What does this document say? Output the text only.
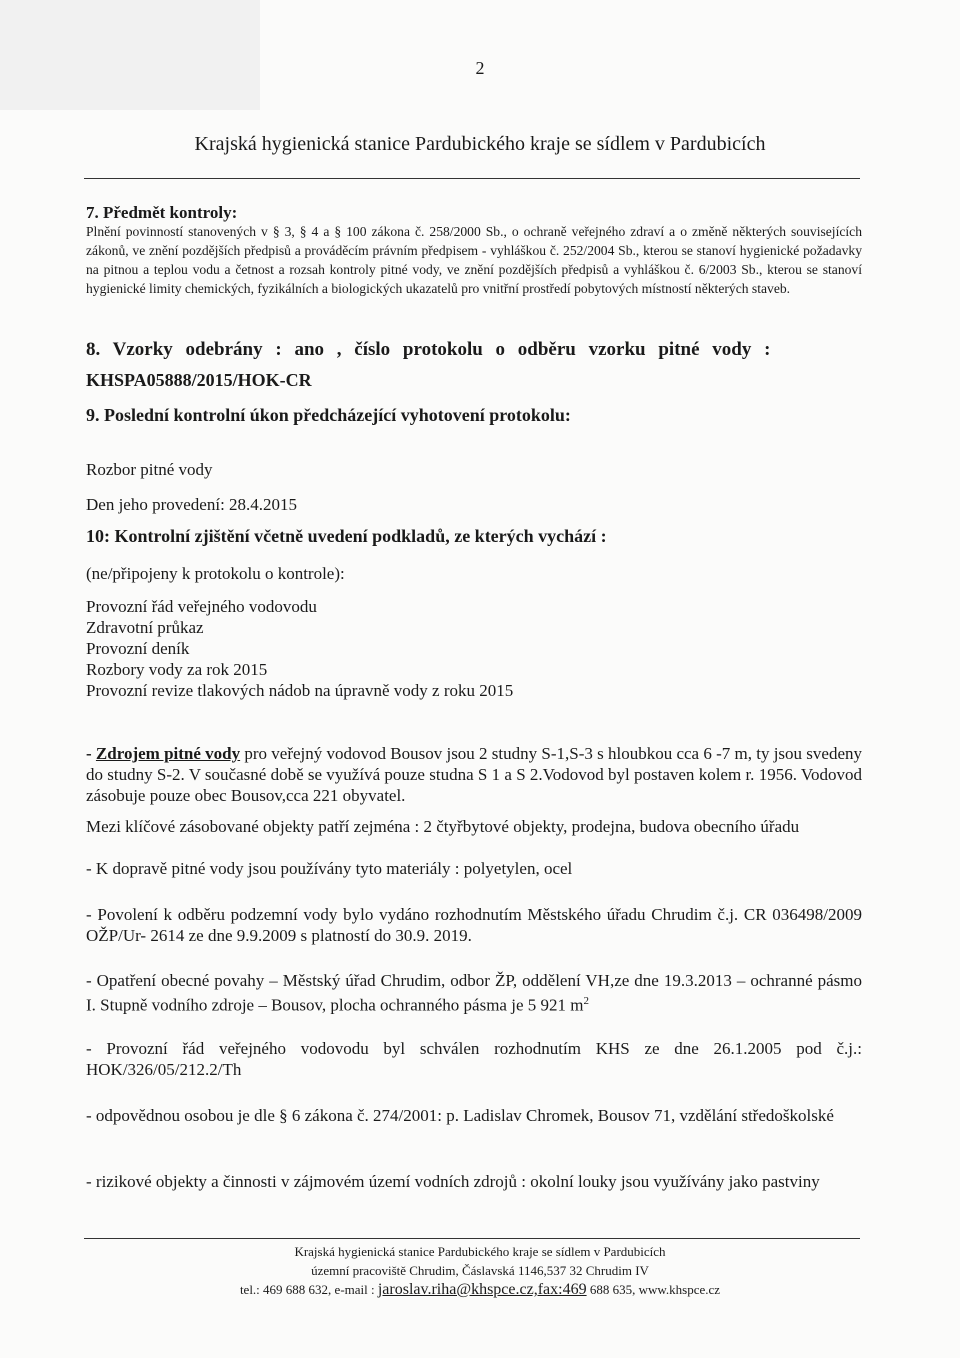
2
Krajská hygienická stanice Pardubického kraje se sídlem v Pardubicích
7. Předmět kontroly:
Plnění povinností stanovených v § 3, § 4 a § 100 zákona č. 258/2000 Sb., o ochraně veřejného zdraví a o změně některých souvisejících zákonů, ve znění pozdějších předpisů a prováděcím právním předpisem - vyhláškou č. 252/2004 Sb., kterou se stanoví hygienické požadavky na pitnou a teplou vodu a četnost a rozsah kontroly pitné vody, ve znění pozdějších předpisů a vyhláškou č. 6/2003 Sb., kterou se stanoví hygienické limity chemických, fyzikálních a biologických ukazatelů pro vnitřní prostředí pobytových místností některých staveb.
8. Vzorky odebrány : ano , číslo protokolu o odběru vzorku pitné vody :
KHSPA05888/2015/HOK-CR
9. Poslední kontrolní úkon předcházející vyhotovení protokolu:
Rozbor pitné vody
Den jeho provedení: 28.4.2015
10: Kontrolní zjištění včetně uvedení podkladů, ze kterých vychází :
(ne/připojeny k protokolu o kontrole):
Provozní řád veřejného vodovodu
Zdravotní průkaz
Provozní deník
Rozbory vody za rok 2015
Provozní revize tlakových nádob na úpravně vody z roku 2015
- Zdrojem pitné vody pro veřejný vodovod Bousov jsou 2 studny S-1,S-3 s hloubkou cca 6 -7 m, ty jsou svedeny do studny S-2. V současné době se využívá pouze studna S 1 a S 2.Vodovod byl postaven kolem r. 1956. Vodovod zásobuje pouze obec Bousov,cca 221 obyvatel.
Mezi klíčové zásobované objekty patří zejména : 2 čtyřbytové objekty, prodejna, budova obecního úřadu
- K dopravě pitné vody jsou používány tyto materiály : polyetylen, ocel
- Povolení k odběru podzemní vody bylo vydáno rozhodnutím Městského úřadu Chrudim č.j. CR 036498/2009 OŽP/Ur- 2614 ze dne 9.9.2009 s platností do 30.9. 2019.
- Opatření obecné povahy – Městský úřad Chrudim, odbor ŽP, oddělení VH,ze dne 19.3.2013 – ochranné pásmo I. Stupně vodního zdroje – Bousov, plocha ochranného pásma je 5 921 $m^2$
- Provozní řád veřejného vodovodu byl schválen rozhodnutím KHS ze dne 26.1.2005 pod č.j.: HOK/326/05/212.2/Th
- odpovědnou osobou je dle § 6 zákona č. 274/2001: p. Ladislav Chromek, Bousov 71, vzdělání středoškolské
- rizikové objekty a činnosti v zájmovém území vodních zdrojů : okolní louky jsou využívány jako pastviny
Krajská hygienická stanice Pardubického kraje se sídlem v Pardubicích
územní pracoviště Chrudim, Čáslavská 1146,537 32 Chrudim IV
tel.: 469 688 632, e-mail : jaroslav.riha@khspce.cz,fax:469 688 635, www.khspce.cz
